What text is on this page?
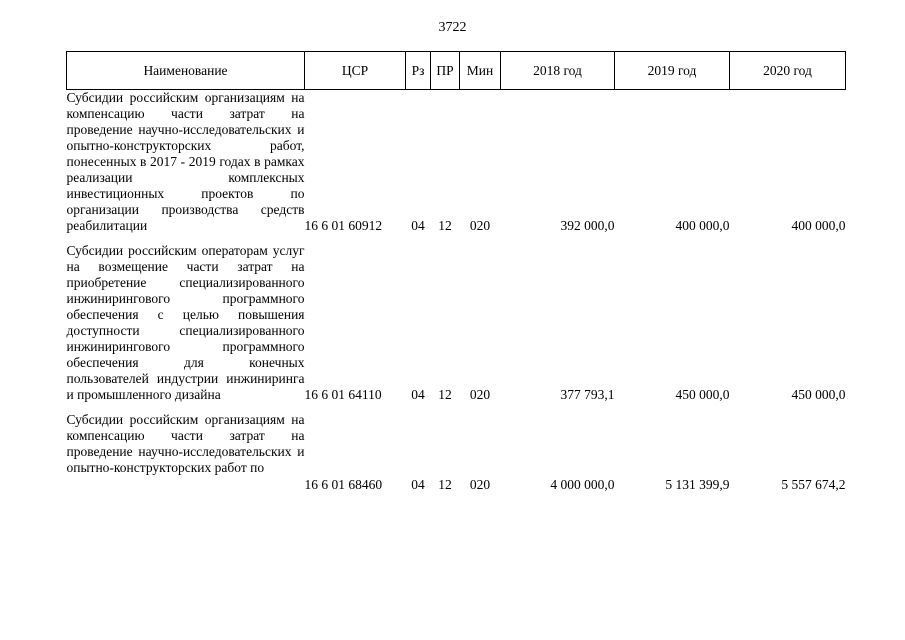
3722
Наименование	ЦСР	Рз	ПР	Мин	2018 год	2019 год	2020 год
Субсидии российским организациям на компенсацию части затрат на проведение научно-исследовательских и опытно-конструкторских работ, понесенных в 2017 - 2019 годах в рамках реализации комплексных инвестиционных проектов по организации производства средств реабилитации	16 6 01 60912	04	12	020	392 000,0	400 000,0	400 000,0

Субсидии российским операторам услуг на возмещение части затрат на приобретение специализированного инжинирингового программного обеспечения с целью повышения доступности специализированного инжинирингового программного обеспечения для конечных пользователей индустрии инжиниринга и промышленного дизайна	16 6 01 64110	04	12	020	377 793,1	450 000,0	450 000,0

Субсидии российским организациям на компенсацию части затрат на проведение научно-исследовательских и опытно-конструкторских работ по	16 6 01 68460	04	12	020	4 000 000,0	5 131 399,9	5 557 674,2
